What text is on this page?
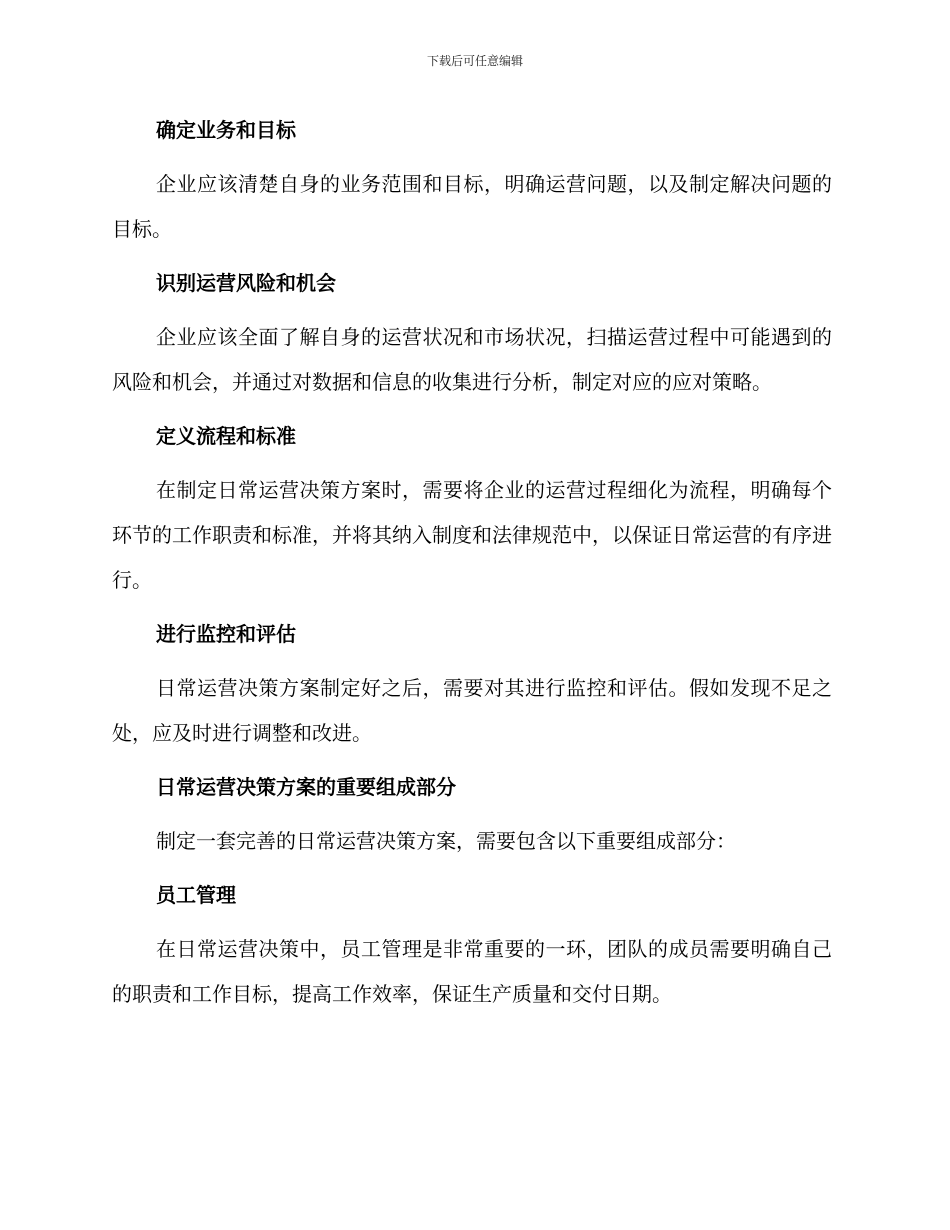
下载后可任意编辑
确定业务和目标
企业应该清楚自身的业务范围和目标，明确运营问题，以及制定解决问题的目标。
识别运营风险和机会
企业应该全面了解自身的运营状况和市场状况，扫描运营过程中可能遇到的风险和机会，并通过对数据和信息的收集进行分析，制定对应的应对策略。
定义流程和标准
在制定日常运营决策方案时，需要将企业的运营过程细化为流程，明确每个环节的工作职责和标准，并将其纳入制度和法律规范中，以保证日常运营的有序进行。
进行监控和评估
日常运营决策方案制定好之后，需要对其进行监控和评估。假如发现不足之处，应及时进行调整和改进。
日常运营决策方案的重要组成部分
制定一套完善的日常运营决策方案，需要包含以下重要组成部分：
员工管理
在日常运营决策中，员工管理是非常重要的一环，团队的成员需要明确自己的职责和工作目标，提高工作效率，保证生产质量和交付日期。
